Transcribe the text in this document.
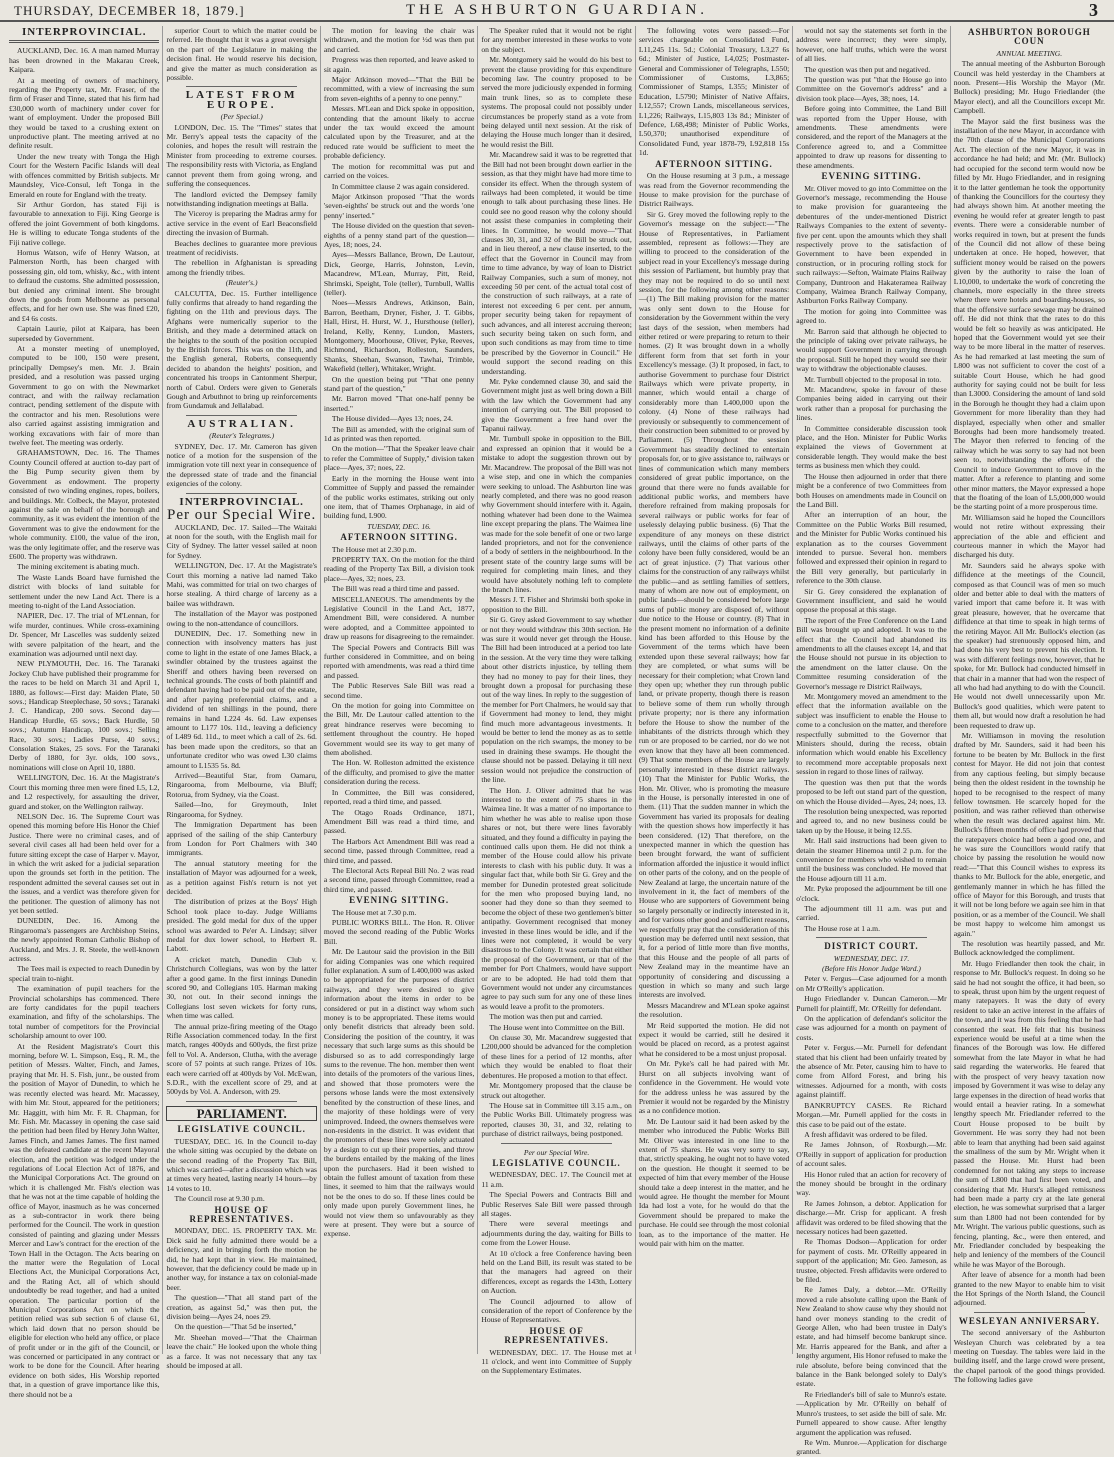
THURSDAY, DECEMBER 18, 1879.]	THE ASHBURTON GUARDIAN.	3
INTERPROVINCIAL.

AUCKLAND, Dec. 16. A man named Murray has been drowned in the Makarau Creek, Kaipara.

At a meeting of owners of machinery, regarding the Property tax, Mr. Fraser, of the firm of Fraser and Tinne, stated that his firm had £30,000 worth of machinery under cover for want of employment. Under the proposed Bill they would be taxed to a crushing extent on unproductive plant. The meeting arrived at no definite result.

Under the new treaty with Tonga the High Court for the Western Pacific Islands will deal with offences committed by British subjects. Mr Maundsley, Vice-Consul, left Tonga in the Emerald en route for England with the treaty.

Sir Arthur Gordon, has stated Fiji is favourable to annexation to Fiji. King George is offered the joint Government of both kingdoms. He is willing to educate Tonga students of the Fiji native college.

Hornus Watson, wife of Henry Watson, at Palmerston North, has been charged with possessing gin, old tom, whisky, &c., with intent to defraud the customs. She admitted possession, but denied any criminal intent. She brought down the goods from Melbourne as personal effects, and for her own use. She was fined £20, and £4 6s costs.

Captain Laurie, pilot at Kaipara, has been superseded by Government.

At a monster meeting of unemployed, computed to be 100, 150 were present, principally Dempsey's men. Mr. J. Brain presided, and a resolution was passed urging Government to go on with the Newmarket contract, and with the railway reclamation contract, pending settlement of the dispute with the contractor and his men. Resolutions were also carried against assisting immigration and working excavations with fair of more than twelve feet. The meeting was orderly.

GRAHAMSTOWN, Dec. 16. The Thames County Council offered at auction to-day part of the Big Pump security given them by Government as endowment. The property consisted of two winding engines, ropes, boilers, and buildings. Mr. Colbeck, the Mayor, protested against the sale on behalf of the borough and community, as it was evident the intention of the Government was to give the endowment for the whole community. £100, the value of the iron, was the only legitimate offer, and the reserve was £600. The property was withdrawn.

The mining excitement is abating much.

The Waste Lands Board have furnished the district with blocks of land suitable for settlement under the new Land Act. There is a meeting to-night of the Land Association.

NAPIER, Dec. 17. The trial of M'Lennan, for wife murder, continues. While cross-examining Dr. Spencer, Mr Lascelles was suddenly seized with severe palpitation of the heart, and the examination was adjourned until next day.

NEW PLYMOUTH, Dec. 16. The Taranaki Jockey Club have published their programme for the races to be held on March 31 and April 1, 1880, as follows:—First day: Maiden Plate, 50 sovs.; Handicap Steeplechase, 50 sovs.; Taranaki J. C. Handicap, 200 sovs. Second day—Handicap Hurdle, 65 sovs.; Back Hurdle, 50 sovs.; Autumn Handicap, 100 sovs.; Selling Race, 30 sovs.; Ladies Purse, 40 sovs.; Consolation Stakes, 25 sovs. For the Taranaki Derby of 1880, for 3yr. olds, 100 sovs., nominations will close on April 10, 1880.

WELLINGTON, Dec. 16. At the Magistrate's Court this morning three men were fined L5, L2, and L2 respectively, for assaulting the driver, guard and stoker, on the Wellington railway.

NELSON Dec. 16. The Supreme Court was opened this morning before His Honor the Chief Justice. There were no criminal cases, and of several civil cases all had been held over for a future sitting except the case of Harper v. Mayor, in which the writ asked for a judicial separation upon the grounds set forth in the petition. The respondent admitted the several causes set out in the issues, and a verdict was therefore given for the petitioner. The question of alimony has not yet been settled.

DUNEDIN, Dec. 16. Among the Ringarooma's passengers are Archbishop Steins, the newly appointed Roman Catholic Bishop of Auckland, and Mrs. J. R. Steele, the well-known actress.

The Tees mail is expected to reach Dunedin by special train to-night.

The examination of pupil teachers for the Provincial scholarships has commenced. There are forty candidates for the pupil teachers examination, and fifty of the scholarships. The total number of competitors for the Provincial scholarship amount to over 100.

At the Resident Magistrate's Court this morning, before W. L. Simpson, Esq., R. M., the petition of Messrs. Walter, Finch, and James, praying that Mr. H. S. Fish, junr., be ousted from the position of Mayor of Dunedin, to which he was recently elected was heard. Mr. Macassey, with him Mr. Stout, appeared for the petitioners; Mr. Haggitt, with him Mr. F. R. Chapman, for Mr. Fish. Mr. Macassey in opening the case said the petition had been filed by Henry John Walter, James Finch, and James James. The first named was the defeated candidate at the recent Mayoral election, and the petition was lodged under the regulations of Local Election Act of 1876, and the Municipal Corporations Act. The ground on which it is challenged Mr. Fish's election was that he was not at the time capable of holding the office of Mayor, inasmuch as he was concerned as a sub-contractor in work there being performed for the Council. The work in question consisted of painting and glazing under Messrs Mercer and Law's contract for the erection of the Town Hall in the Octagon. The Acts bearing on the matter were the Regulation of Local Elections Act, the Municipal Corporations Act, and the Rating Act, all of which should undoubtedly be read together, and had a united operation. The particular portion of the Municipal Corporations Act on which the petition relied was sub section 6 of clause 61, which laid down that no person should be eligible for election who held any office, or place of profit under or in the gift of the Council, or was concerned or participated in any contract or work to be done for the Council. After hearing evidence on both sides, His Worship reported that, in a question of grave importance like this, there should not be a

superior Court to which the matter could be referred. He thought that it was a great oversight on the part of the Legislature in making the decision final. He would reserve his decision, and give the matter as much consideration as possible.

LATEST FROM EUROPE.
(Per Special.)

LONDON, Dec. 15. The "Times" states that Mr. Berry's appeal tests the capacity of the colonies, and hopes the result will restrain the Minister from proceeding to extreme courses. The responsibility rests with Victoria, as England cannot prevent them from going wrong, and suffering the consequences.

The landlord evicted the Dempsey family notwithstanding indignation meetings at Balla.

The Viceroy is preparing the Madras army for active service in the event of Earl Beaconsfield directing the invasion of Burmah.

Beaches declines to guarantee more previous treatment of recidivists.

The rebellion in Afghanistan is spreading among the friendly tribes.

(Reuter's.)

CALCUTTA, Dec. 15. Further intelligence fully confirms that already to hand regarding the fighting on the 11th and previous days. The Afghans were numerically superior to the British, and they made a determined attack on the heights to the south of the position occupied by the British forces. This was on the 11th, and the English general, Roberts, consequently decided to abandon the heights' position, and concentrated his troops in Cantonment Sherpur, north of Cabul. Orders were given to Generals Gough and Arbuthnot to bring up reinforcements from Gundamuk and Jellalabad.

AUSTRALIAN.
(Reuter's Telegrams.)

SYDNEY, Dec. 17. Mr. Cameron has given notice of a motion for the suspension of the immigration vote till next year in consequence of the depressed state of trade and the financial exigencies of the colony.

INTERPROVINCIAL.
Per our Special Wire.

AUCKLAND, Dec. 17. Sailed—The Waitaki at noon for the south, with the English mail for City of Sydney. The latter vessel sailed at noon for Sydney.

WELLINGTON, Dec. 17. At the Magistrate's Court this morning a native lad named Tako Mahi, was committed for trial on two charges of horse stealing. A third charge of larceny as a bailee was withdrawn.

The installation of the Mayor was postponed owing to the non-attendance of councillors.

DUNEDIN, Dec. 17. Something new in connection with insolvency matters has just come to light in the estate of one James Black, a swindler obtained by the trustees against the Sheriff and others having been reversed on technical grounds. The costs of both plaintiff and defendant having had to be paid out of the estate, and after paying preferential claims, and a dividend of ten shillings in the pound, there remains in hand L224 4s. 6d. Law expenses amount to L177 10s. 11d., leaving a deficiency of L489 6d. 11d., to meet which a call of 2s. 6d. has been made upon the creditors, so that an unfortunate creditor who was owed L30 claims amount to L1535 5s. 8d.

Arrived—Beautiful Star, from Oamaru, Ringarooma, from Melbourne, via Bluff; Rotorua, from Sydney, via the Coast.

Sailed—Ino, for Greymouth, Inlet Ringarooma, for Sydney.

The Immigration Department has been apprised of the sailing of the ship Canterbury from London for Port Chalmers with 340 immigrants.

The annual statutory meeting for the installation of Mayor was adjourned for a week, as a petition against Fish's return is not yet decided.

The distribution of prizes at the Boys' High School took place to-day. Judge Williams presided. The gold medal for dux of the upper school was awarded to Pe'er A. Lindsay; silver medal for dux lower school, to Herbert R. Labott.

A cricket match, Dunedin Club v. Christchurch Collegians, was won by the latter after a good game. In the first innings Dunedin scored 90, and Collegians 105. Harman making 30, not out. In their second innings the Collegians lost seven wickets for forty runs, when time was called.

The annual prize-firing meeting of the Otago Rifle Association commenced today. In the first match, ranges 400yds and 600yds, the first prize fell to Vol. A. Anderson, Clutha, with the average score of 57 points at such range. Prizes of 10s. each were carried off at 400yds by Vol. McEwan, S.D.R., with the excellent score of 29, and at 500yds by Vol. A. Anderson, with 29.

PARLIAMENT.
LEGISLATIVE COUNCIL.

TUESDAY, DEC. 16. In the Council to-day the whole sitting was occupied by the debate on the second reading of the Property Tax Bill, which was carried—after a discussion which was at times very heated, lasting nearly 14 hours—by 14 votes to 10.

The Council rose at 9.30 p.m.

HOUSE OF REPRESENTATIVES.

MONDAY, DEC. 15. PROPERTY TAX. Mr. Dick said he fully admitted there would be a deficiency, and in bringing forth the motion he did, he had kept that in view. He maintained, however, that the deficiency could be made up in another way, for instance a tax on colonial-made beer.

The question—"That all stand part of the creation, as against 5d," was then put, the division being—Ayes 24, noes 29.

On the question—"That 5d be inserted,"

Mr. Sheehan moved—"That the Chairman leave the chair." He looked upon the whole thing as a farce. It was not necessary that any tax should be imposed at all.

The motion for leaving the chair was withdrawn, and the motion for ½d was then put and carried.

Progress was then reported, and leave asked to sit again.

Major Atkinson moved—"That the Bill be recommitted, with a view of increasing the sum from seven-eighths of a penny to one penny."

Messrs. M'Lean and Dick spoke in opposition, contending that the amount likely to accrue under the tax would exceed the amount calculated upon by the Treasurer, and at the reduced rate would be sufficient to meet the probable deficiency.

The motion for recommittal was put and carried on the voices.

In Committee clause 2 was again considered.

Major Atkinson proposed "That the words 'seven-eighths' be struck out and the words 'one penny' inserted."

The House divided on the question that seven-eighths of a penny stand part of the question—Ayes, 18; noes, 24.

Ayes—Messrs Ballance, Brown, De Lautour, Dick, George, Harris, Johnston, Levin, Macandrew, M'Lean, Murray, Pitt, Reid, Shrimski, Speight, Tole (teller), Turnbull, Wallis (teller).

Noes—Messrs Andrews, Atkinson, Bain, Barron, Beetham, Dryner, Fisher, J. T. Gibbs, Hall, Hirst, H. Hurst, W. J., Hursthouse (teller), Ireland, Kelly, Kenny, Lundon, Masters, Montgomery, Moorhouse, Oliver, Pyke, Reeves, Richmond, Richardson, Rolleston, Saunders, Shanks, Sheehan, Swanson, Tawhai, Trimble, Wakefield (teller), Whitaker, Wright.

On the question being put "That one penny stand part of the question,"

Mr. Barron moved "That one-half penny be inserted."

The House divided—Ayes 13; noes, 24.

The Bill as amended, with the original sum of 1d as printed was then reported.

On the motion—"That the Speaker leave chair to refer the Committee of Supply," division taken place—Ayes, 37; noes, 22.

Early in the morning the House went into Committee of Supply and passed the remainder of the public works estimates, striking out only one item, that of Thames Orphanage, in aid of building fund, L900.

TUESDAY, DEC. 16.
AFTERNOON SITTING.

The House met at 2.30 p.m.

PROPERTY TAX. On the motion for the third reading of the Property Tax Bill, a division took place—Ayes, 32; noes, 23.

The Bill was read a third time and passed.

MISCELLANEOUS. The amendments by the Legislative Council in the Land Act, 1877, Amendment Bill, were considered. A number were adopted, and a Committee appointed to draw up reasons for disagreeing to the remainder.

The Special Powers and Contracts Bill was further considered in Committee, and on being reported with amendments, was read a third time and passed.

The Public Reserves Sale Bill was read a second time.

On the motion for going into Committee on the Bill, Mr. De Lautour called attention to the great hindrance reserves were becoming to settlement throughout the country. He hoped Government would see its way to get many of them abolished.

The Hon. W. Rolleston admitted the existence of the difficulty, and promised to give the matter consideration during the recess.

In Committee, the Bill was considered, reported, read a third time, and passed.

The Otago Roads Ordinance, 1871, Amendment Bill was read a third time, and passed.

The Harbors Act Amendment Bill was read a second time, passed through Committee, read a third time, and passed.

The Electoral Acts Repeal Bill No. 2 was read a second time, passed through Committee, read a third time, and passed.

EVENING SITTING.

The House met at 7.30 p.m.

PUBLIC WORKS BILL. The Hon. R. Oliver moved the second reading of the Public Works Bill.

Mr. De Lautour said the provision in the Bill for aiding Companies was one which required fuller explanation. A sum of L400,000 was asked to be appropriated for the purposes of district railways, and they were desired to give information about the items in order to be considered or put in a distinct way whom such money is to be appropriated. These items would only benefit districts that already been sold. Considering the position of the country, it was necessary that such large sums as this should be disbursed so as to add correspondingly large sums to the revenue. The hon. member then went into details of the promoters of the various lines, and showed that those promoters were the persons whose lands were the most extensively benefited by the construction of these lines, and the majority of these holdings were of very unimproved. Indeed, the owners themselves were non-residents in the district. It was evident that the promoters of these lines were solely actuated by a design to cut up their properties, and throw the burdens entailed by the making of the lines upon the purchasers. Had it been wished to obtain the fullest amount of taxation from these lines, it seemed to him that the railways would not be the ones to do so. If these lines could be only made upon purely Government lines, he would not view them so unfavourably as they were at present. They were but a source of expense.

The Speaker ruled that it would not be right for any member interested in these works to vote on the subject.

Mr. Montgomery said he would do his best to prevent the clause providing for this expenditure becoming law. The country proposed to be served the more judiciously expended in forming main trunk lines, so as to complete these systems. The proposal could not possibly under circumstances be properly stand as a vote from being delayed until next session. At the risk of delaying the House much longer than it desired, he would resist the Bill.

Mr. Macandrew said it was to be regretted that the Bill had not been brought down earlier in the session, as that they might have had more time to consider its effect. When the through system of railways had been completed, it would be time enough to talk about purchasing these lines. He could see no good reason why the colony should not assist these companies in completing their lines. In Committee, he would move—"That clauses 30, 31, and 32 of the Bill be struck out, and in lieu thereof, a new clause inserted, to the effect that the Governor in Council may from time to time advance, by way of loan to District Railway Companies, such a sum of money, not exceeding 50 per cent. of the actual total cost of the construction of such railways, at a rate of interest not exceeding 6 per cent. per annum, proper security being taken for repayment of such advances, and all interest accruing thereon; such security being taken on such form, and upon such conditions as may from time to time be prescribed by the Governor in Council." He would support the second reading on this understanding.

Mr. Pyke condemned clause 30, and said the Government might just as well bring down a Bill with the law which the Government had any intention of carrying out. The Bill proposed to give the Government a free hand over the Tapanui railway.

Mr. Turnbull spoke in opposition to the Bill, and expressed an opinion that it would be a mistake to adopt the suggestion thrown out by Mr. Macandrew. The proposal of the Bill was not a wise step, and one in which the companies were seeking to unload. The Ashburton line was nearly completed, and there was no good reason why Government should interfere with it. Again, nothing whatever had been done to the Waimea line except preparing the plans. The Waimea line was made for the sole benefit of one or two large landed proprietors, and not for the convenience of a body of settlers in the neighbourhood. In the present state of the country large sums will be required for completing main lines, and they would have absolutely nothing left to complete the branch lines.

Messrs J. T. Fisher and Shrimski both spoke in opposition to the Bill.

Sir G. Grey asked Government to say whether or not they would withdraw this 30th section. He was sure it would never get through the House. The Bill had been introduced at a period too late in the session. At the very time they were talking about other districts injustice, by telling them they had no money to pay for their lines, they brought down a proposal for purchasing these out of the way lines. In reply to the suggestion of the member for Port Chalmers, he would say that if Government had money to lend, they might find much more advantageous investments. It would be better to lend the money as as to settle population on the rich swamps, the money to be used in draining these swamps. He thought the clause should not be passed. Delaying it till next session would not prejudice the construction of the line.

The Hon. J. Oliver admitted that he was interested to the extent of 75 shares in the Waimea line. It was a matter of no importance to him whether he was able to realise upon those shares or not, but there were lines favorably situated, and they found a difficulty in paying the continued calls upon them. He did not think a member of the House could allow his private interests to clash with his public duty. It was a singular fact that, while both Sir G. Grey and the member for Dunedin protested great solicitude for the men who proposed buying land, no sooner had they done so than they seemed to become the object of these two gentlemen's bitter antipathy. Government recognised that money invested in these lines would be idle, and if the lines were not completed, it would be very disastrous to the Colony. It was certain that either the proposal of the Government, or that of the member for Port Chalmers, would have support or are to be adopted. He had told them that Government would not under any circumstances agree to pay such sum for any one of these lines as would leave a profit to the promoters.

The motion was then put and carried.

The House went into Committee on the Bill.

On clause 30, Mr. Macandrew suggested that L200,000 should be advanced for the completion of these lines for a period of 12 months, after which they would be enabled to float their debentures. He proposed a motion to that effect.

Mr. Montgomery proposed that the clause be struck out altogether.

The House sat in Committee till 3.15 a.m., on the Public Works Bill. Ultimately progress was reported, clauses 30, 31, and 32, relating to purchase of district railways, being postponed.

Per our Special Wire.
LEGISLATIVE COUNCIL.

WEDNESDAY, DEC. 17. The Council met at 11 a.m.

The Special Powers and Contracts Bill and Public Reserves Sale Bill were passed through all stages.

There were several meetings and adjournments during the day, waiting for Bills to come from the Lower House.

At 10 o'clock a free Conference having been held on the Land Bill, its result was stated to be that the managers had agreed on their differences, except as regards the 143th, Lottery on Auction.

The Council adjourned to allow of consideration of the report of Conference by the House of Representatives.

HOUSE OF REPRESENTATIVES.

WEDNESDAY, DEC. 17. The House met at 11 o'clock, and went into Committee of Supply on the Supplementary Estimates.

The following votes were passed:—For services chargeable on Consolidated Fund, L11,245 11s. 5d.; Colonial Treasury, L3,27 6s 6d.; Minister of Justice, L4,025; Postmaster-General and Commissioner of Telegraphs, L550; Commissioner of Customs, L3,865; Commissioner of Stamps, L355; Minister of Education, L5790; Minister of Native Affairs, L12,557; Crown Lands, miscellaneous services, L1,226; Railways, L15,803 13s 8d.; Minister of Defence, L68,498; Minister of Public Works, L50,370; unauthorised expenditure of Consolidated Fund, year 1878-79, L92,818 15s 1d.

AFTERNOON SITTING.

On the House resuming at 3 p.m., a message was read from the Governor recommending the House to make provision for the purchase of District Railways.

Sir G. Grey moved the following reply to the Governor's message on the subject:—"The House of Representatives, in Parliament assembled, represent as follows:—They are willing to proceed to the consideration of the subject read in your Excellency's message during this session of Parliament, but humbly pray that they may not be required to do so until next session, for the following among other reasons:—(1) The Bill making provision for the matter was only sent down to the House for consideration by the Government within the very last days of the session, when members had either retired or were preparing to return to their homes. (2) It was brought down in a wholly different form from that set forth in your Excellency's message. (3) It proposed, in fact, to authorise Government to purchase four District Railways which were private property, in manner, which would entail a charge of considerably more than L400,000 upon the colony. (4) None of these railways had previously or subsequently to commencement of their construction been submitted to or proved by Parliament. (5) Throughout the session Government has steadily declined to entertain proposals for, or to give assistance to, railways or lines of communication which many members considered of great public importance, on the ground that there were no funds available for additional public works, and members have therefore refrained from making proposals for several railways or public works for fear of uselessly delaying public business. (6) That the expenditure of any moneys on these district railways, until the claims of other parts of the colony have been fully considered, would be an act of great injustice. (7) That various other claims for the construction of any railways whilst the public—and as settling families of settlers, many of whom are now out of employment, on public lands—should be considered before large sums of public money are disposed of, without due notice to the House or country. (8) That in the present moment no information of a definite kind has been afforded to this House by the Government of the terms which have been extended upon these several railways; how far they are completed, or what sums will be necessary for their completion; what Crown land they open up; whether they run through public land, or private property, though there is reason to believe some of them run wholly through private property; nor is there any information before the House to show the number of the inhabitants of the districts through which they run or are proposed to be carried, nor do we not even know that they have all been commenced. (9) That some members of the House are largely personally interested in these district railways. (10) That the Minister for Public Works, the Hon. Mr. Oliver, who is promoting the measure in the House, is personally interested in one of them. (11) That the sudden manner in which the Government has varied its proposals for dealing with the question shows how imperfectly it has been considered. (12) That therefore, on the unexpected manner in which the question has been brought forward, the want of sufficient information afforded the injustice it would inflict on other parts of the colony, and on the people of New Zealand at large, the uncertain nature of the involvement in it, the fact of members of the House who are supporters of Government being so largely personally or indirectly interested in it, and for various other good and sufficient reasons, we respectfully pray that the consideration of this question may be deferred until next session, that it, for a period of little more than five months, that this House and the people of all parts of New Zealand may in the meantime have an opportunity of considering and discussing a question in which so many and such large interests are involved.

Messrs Macandrew and M'Lean spoke against the resolution.

Mr Reid supported the motion. He did not expect it would be carried, still he desired it would be placed on record, as a protest against what he considered to be a most unjust proposal.

On Mr. Pyke's call he had paired with Mr. Hurst on all subjects involving want of confidence in the Government. He would vote for the address unless he was assured by the Premier it would not be regarded by the Ministry as a no confidence motion.

Mr. De Lautour said it had been asked by the member who introduced the Public Works Bill Mr. Oliver was interested in one line to the extent of 75 shares. He was very sorry to say, that, strictly speaking, he ought not to have voted on the question. He thought it seemed to be expected of him that every member of the House should take a deep interest in the matter, and he would agree. He thought the member for Mount Ida had lost a vote, for he would do that the Government should be prepared to make the purchase. He could see through the most colonial loan, as to the importance of the matter. He would pair with him on the matter.

would not say the statements set forth in the address were incorrect; they were simply, however, one half truths, which were the worst of all lies.

The question was then put and negatived.

The question was put "that the House go into Committee on the Governor's address" and a division took place—Ayes, 38; noes, 14.

Before going into Committee, the Land Bill was reported from the Upper House, with amendments. These amendments were considered, and the report of the Managers at the Conference agreed to, and a Committee appointed to draw up reasons for dissenting to these amendments.

EVENING SITTING.

Mr. Oliver moved to go into Committee on the Governor's message, recommending the House to make provision for guaranteeing the debentures of the under-mentioned District Railways Companies to the extent of seventy-five per cent. upon the amounts which they shall respectively prove to the satisfaction of Government to have been expended in construction, or in procuring rolling stock for such railways:—Sefton, Waimate Plains Railway Company, Duntroon and Hakateramea Railway Company, Waimea Branch Railway Company, Ashburton Forks Railway Company.

The motion for going into Committee was agreed to.

Mr. Barron said that although he objected to the principle of taking over private railways, he would support Government in carrying through the proposal. Still he hoped they would see their way to withdraw the objectionable clauses.

Mr. Turnbull objected to the proposal in toto.

Mr. Macandrew, spoke in favour of these Companies being aided in carrying out their work rather than a proposal for purchasing the lines.

In Committee considerable discussion took place, and the Hon. Minister for Public Works explained the views of Government at considerable length. They would make the best terms as business men which they could.

The House then adjourned in order that there might be a conference of two Committees from both Houses on amendments made in Council on the Land Bill.

After an interruption of an hour, the Committee on the Public Works Bill resumed, and the Minister for Public Works continued his explanation as to the courses Government intended to pursue. Several hon. members followed and expressed their opinion in regard to the Bill very generally, but particularly in reference to the 30th clause.

Sir G. Grey considered the explanation of Government insufficient, and said he would oppose the proposal at this stage.

The report of the Free Conference on the Land Bill was brought up and adopted. It was to the effect that the Council had abandoned its amendments to all the clauses except 14, and that the House should not pursue in its objection to the amendment on the latter clause. On the Committee resuming consideration of the Governor's message re District Railways,

Mr. Montgomery moved an amendment to the effect that the information available on the subject was insufficient to enable the House to come to a conclusion on the matter, and therefore respectfully submitted to the Governor that Ministers should, during the recess, obtain information which would enable his Excellency to recommend more acceptable proposals next session in regard to those lines of railway.

The question was then put that the words proposed to be left out stand part of the question, on which the House divided—Ayes, 24; noes, 13.

The resolution being unexpected, was reported and agreed to, and no new business could be taken up by the House, it being 12.55.

Mr. Hall said instructions had been given to detain the steamer Hinemoa until 2 p.m. for the convenience for members who wished to remain until the business was concluded. He moved that the House adjourn till 11 a.m.

Mr. Pyke proposed the adjournment be till one o'clock.

The adjournment till 11 a.m. was put and carried.

The House rose at 1 a.m.

DISTRICT COURT.
WEDNESDAY, DEC. 17.
(Before His Honor Judge Ward.)

Peter v. Fergus—Case adjourned for a month on Mr O'Reilly's application.

Hugo Friedlander v. Duncan Cameron.—Mr Purnell for plaintiff, Mr. O'Reilly for defendant.

On the application of defendant's solicitor the case was adjourned for a month on payment of costs.

Peter v. Fergus.—Mr. Purnell for defendant stated that his client had been unfairly treated by the absence of Mr. Peter, causing him to have to come from Alford Forest, and bring his witnesses. Adjourned for a month, with costs against plaintiff.

BANKRUPTCY CASES. Re Richard Morgan.—Mr. Purnell applied for the costs in this case to be paid out of the estate.

A fresh affidavit was ordered to be filed.

Re James Johnson, of Roxburgh.—Mr. O'Reilly in support of application for production of account sales.

His Honor ruled that an action for recovery of the money should be brought in the ordinary way.

Re James Johnson, a debtor. Application for discharge.—Mr. Crisp for applicant. A fresh affidavit was ordered to be filed showing that the necessary notices had been gazetted.

Re Thomas Dodson—Application for order for payment of costs. Mr. O'Reilly appeared in support of the application; Mr. Geo. Jameson, as trustee, objected. Fresh affidavits were ordered to be filed.

Re James Daly, a debtor.—Mr. O'Reilly moved a rule absolute calling upon the Bank of New Zealand to show cause why they should not hand over moneys standing to the credit of George Allen, who had been trustee in Daly's estate, and had himself become bankrupt since. Mr. Harris appeared for the Bank, and after a lengthy argument, His Honor refused to make the rule absolute, before being convinced that the balance in the Bank belonged solely to Daly's estate.

Re Friedlander's bill of sale to Munro's estate.—Application by Mr. O'Reilly on behalf of Munro's trustees, to set aside the bill of sale. Mr. Purnell appeared to show cause. After lengthy argument the application was refused.

Re Wm. Munroe.—Application for discharge granted.

ASHBURTON BOROUGH COUN
ANNUAL MEETING.

The annual meeting of the Ashburton Borough Council was held yesterday in the Chambers at noon. Present—His Worship the Mayor (Mr. Bullock) presiding; Mr. Hugo Friedlander (the Mayor elect), and all the Councillors except Mr. Campbell.

The Mayor said the first business was the installation of the new Mayor, in accordance with the 70th clause of the Municipal Corporations Act. The election of the new Mayor, it was in accordance he had held; and Mr. (Mr. Bullock) had occupied for the second term would now be filled by Mr. Hugo Friedlander, and in resigning it to the latter gentleman he took the opportunity of thanking the Councillors for the courtesy they had always shown him. At another meeting the evening he would refer at greater length to past events. There were a considerable number of works required in town, but at present the funds of the Council did not allow of these being undertaken at once. He hoped, however, that sufficient money would be raised on the powers given by the authority to raise the loan of L10,000, to undertake the work of concreting the channels, more especially in the three streets where there were hotels and boarding-houses, so that the offensive surface sewage may be drained off. He did not think that the rates to do this would be felt so heavily as was anticipated. He hoped that the Government would yet see their way to be more liberal in the matter of reserves. As he had remarked at last meeting the sum of L800 was not sufficient to cover the cost of a suitable Court House, which he had good authority for saying could not be built for less than L3000. Considering the amount of land sold in the Borough he thought they had a claim upon Government for more liberality than they had displayed, especially when other and smaller Boroughs had been more handsomely treated. The Mayor then referred to fencing of the railway which he was sorry to say had not been seen to, notwithstanding the efforts of the Council to induce Government to move in the matter. After a reference to planting and some other minor matters, the Mayor expressed a hope that the floating of the loan of L5,000,000 would be the starting point of a more prosperous time.

Mr. Williamson said he hoped the Councillors would not retire without expressing their appreciation of the able and efficient and courteous manner in which the Mayor had discharged his duty.

Mr. Saunders said he always spoke with diffidence at the meetings of the Council, composed as that Council was of men so much older and better able to deal with the matters of varied import that came before it. It was with great pleasure, however, that he overcame that diffidence at that time to speak in high terms of the retiring Mayor. All Mr. Bullock's election (as the speaker) had strenuously opposed him, and had done his very best to prevent his election. It was with different feelings now, however, that he spoke, for Mr. Bullock had conducted himself in that chair in a manner that had won the respect of all who had had anything to do with the Council. He would not dwell unnecessarily upon Mr. Bullock's good qualities, which were patent to them all, but would now draft a resolution he had been requested to draw up.

Mr. Williamson in moving the resolution drafted by Mr. Saunders, said it had been his fortune to be beaten by Mr. Bullock in the first contest for Mayor. He did not join that contest from any captious feeling, but simply because being then the oldest resident in the township he hoped to be recognised to the respect of many fellow townsmen. He scarcely hoped for the position, and was rather relieved than otherwise when the result was declared against him. Mr. Bullock's fifteen months of office had proved that the ratepayers choice had been a good one, and he was sure the Councillors would ratify that choice by passing the resolution he would now read:—"That this Council wishes to express its thanks to Mr. Bullock for the able, energetic, and gentlemanly manner in which he has filled the office of Mayor for this Borough, and trusts that it will not be long before we again see him in that position, or as a member of the Council. We shall be most happy to welcome him amongst us again."

The resolution was heartily passed, and Mr. Bullock acknowledged the compliment.

Mr. Hugo Friedlander then took the chair, in response to Mr. Bullock's request. In doing so he said he had not sought the office, it had been, so to speak, thrust upon him by the urgent request of many ratepayers. It was the duty of every resident to take an active interest in the affairs of the town, and it was from this feeling that he had consented the seat. He felt that his business experience would be useful at a time when the finances of the Borough was low. He differed somewhat from the late Mayor in what he had said regarding the waterworks. He feared that with the prospect of very heavy taxation now imposed by Government it was wise to delay any large expenses in the direction of head works that would entail a heavier rating. In a somewhat lengthy speech Mr. Friedlander referred to the Court House proposed to be built by Government. He was sorry they had not been able to learn that anything had been said against the smallness of the sum by Mr. Wright when it passed the House. Mr. Hurst had been condemned for not taking any steps to increase the sum of L800 that had first been voted, and considering that Mr. Hurst's alleged remissness had been made a party cry at the late general election, he was somewhat surprised that a larger sum than L800 had not been contended for by Mr. Wright. The various public questions, such as fencing, planting, &c., were then entered, and Mr. Friedlander concluded by bespeaking the help and leniency of the members of the Council while he was Mayor of the Borough.

After leave of absence for a month had been granted to the new Mayor to enable him to visit the Hot Springs of the North Island, the Council adjourned.

WESLEYAN ANNIVERSARY.

The second anniversary of the Ashburton Wesleyan Church was celebrated by a tea meeting on Tuesday. The tables were laid in the building itself, and the large crowd were present, the chapel partook of the good things provided. The following ladies gave
